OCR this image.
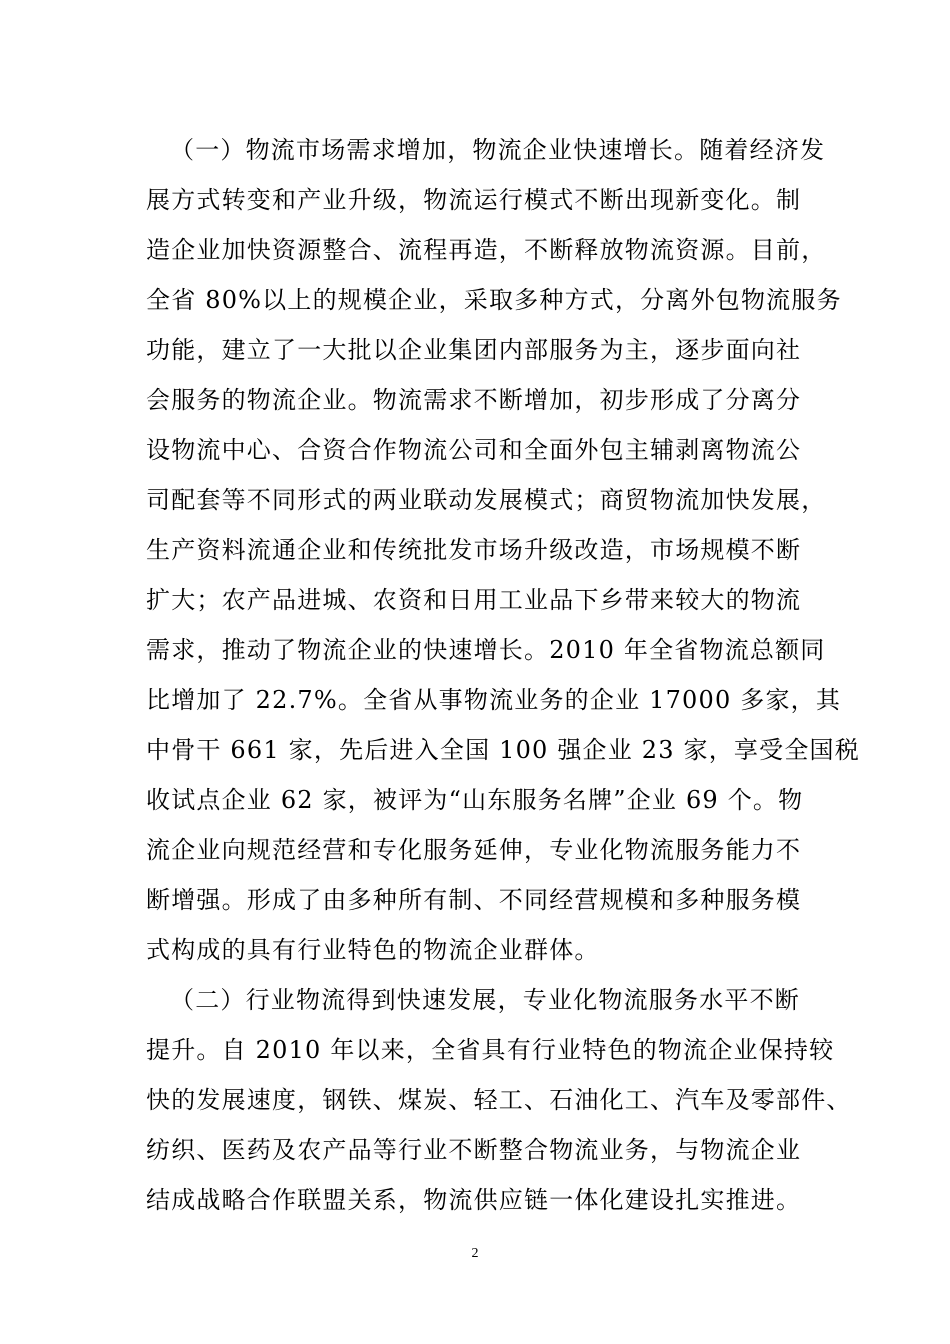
（一）物流市场需求增加，物流企业快速增长。随着经济发
展方式转变和产业升级，物流运行模式不断出现新变化。制
造企业加快资源整合、流程再造，不断释放物流资源。目前，
全省 80%以上的规模企业，采取多种方式，分离外包物流服务
功能，建立了一大批以企业集团内部服务为主，逐步面向社
会服务的物流企业。物流需求不断增加，初步形成了分离分
设物流中心、合资合作物流公司和全面外包主辅剥离物流公
司配套等不同形式的两业联动发展模式；商贸物流加快发展，
生产资料流通企业和传统批发市场升级改造，市场规模不断
扩大；农产品进城、农资和日用工业品下乡带来较大的物流
需求，推动了物流企业的快速增长。2010 年全省物流总额同
比增加了 22.7%。全省从事物流业务的企业 17000 多家，其
中骨干 661 家，先后进入全国 100 强企业 23 家，享受全国税
收试点企业 62 家，被评为“山东服务名牌”企业 69 个。物
流企业向规范经营和专化服务延伸，专业化物流服务能力不
断增强。形成了由多种所有制、不同经营规模和多种服务模
式构成的具有行业特色的物流企业群体。
（二）行业物流得到快速发展，专业化物流服务水平不断
提升。自 2010 年以来，全省具有行业特色的物流企业保持较
快的发展速度，钢铁、煤炭、轻工、石油化工、汽车及零部件、
纺织、医药及农产品等行业不断整合物流业务，与物流企业
结成战略合作联盟关系，物流供应链一体化建设扎实推进。
2
